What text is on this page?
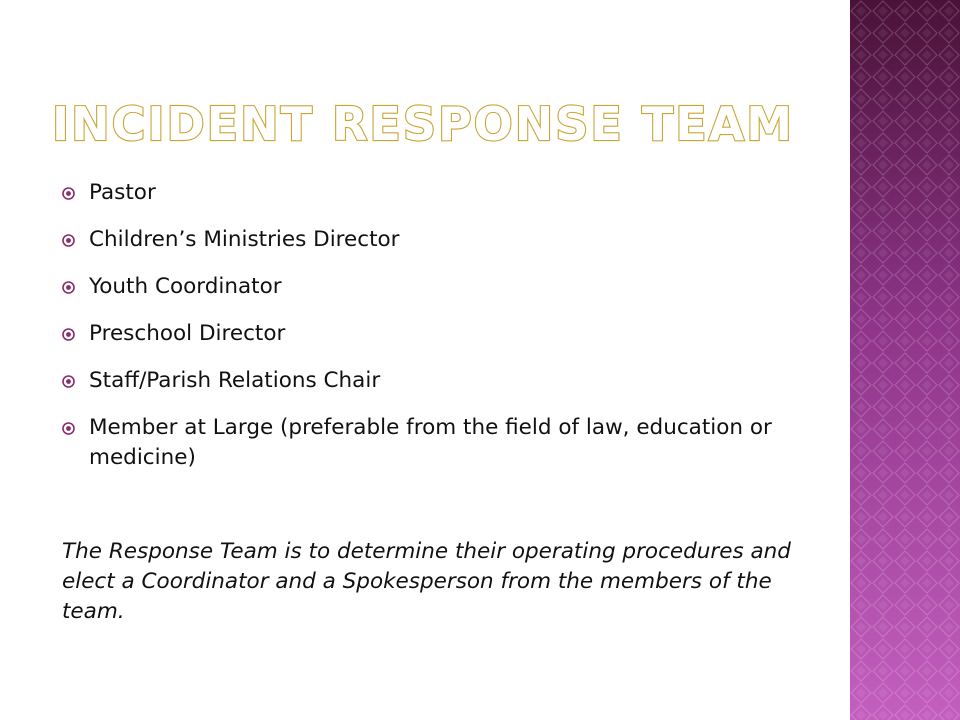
INCIDENT RESPONSE TEAM
Pastor
Children’s Ministries Director
Youth Coordinator
Preschool Director
Staff/Parish Relations Chair
Member at Large (preferable from the field of law, education or medicine)

The Response Team is to determine their operating procedures and elect a Coordinator and a Spokesperson from the members of the team.
